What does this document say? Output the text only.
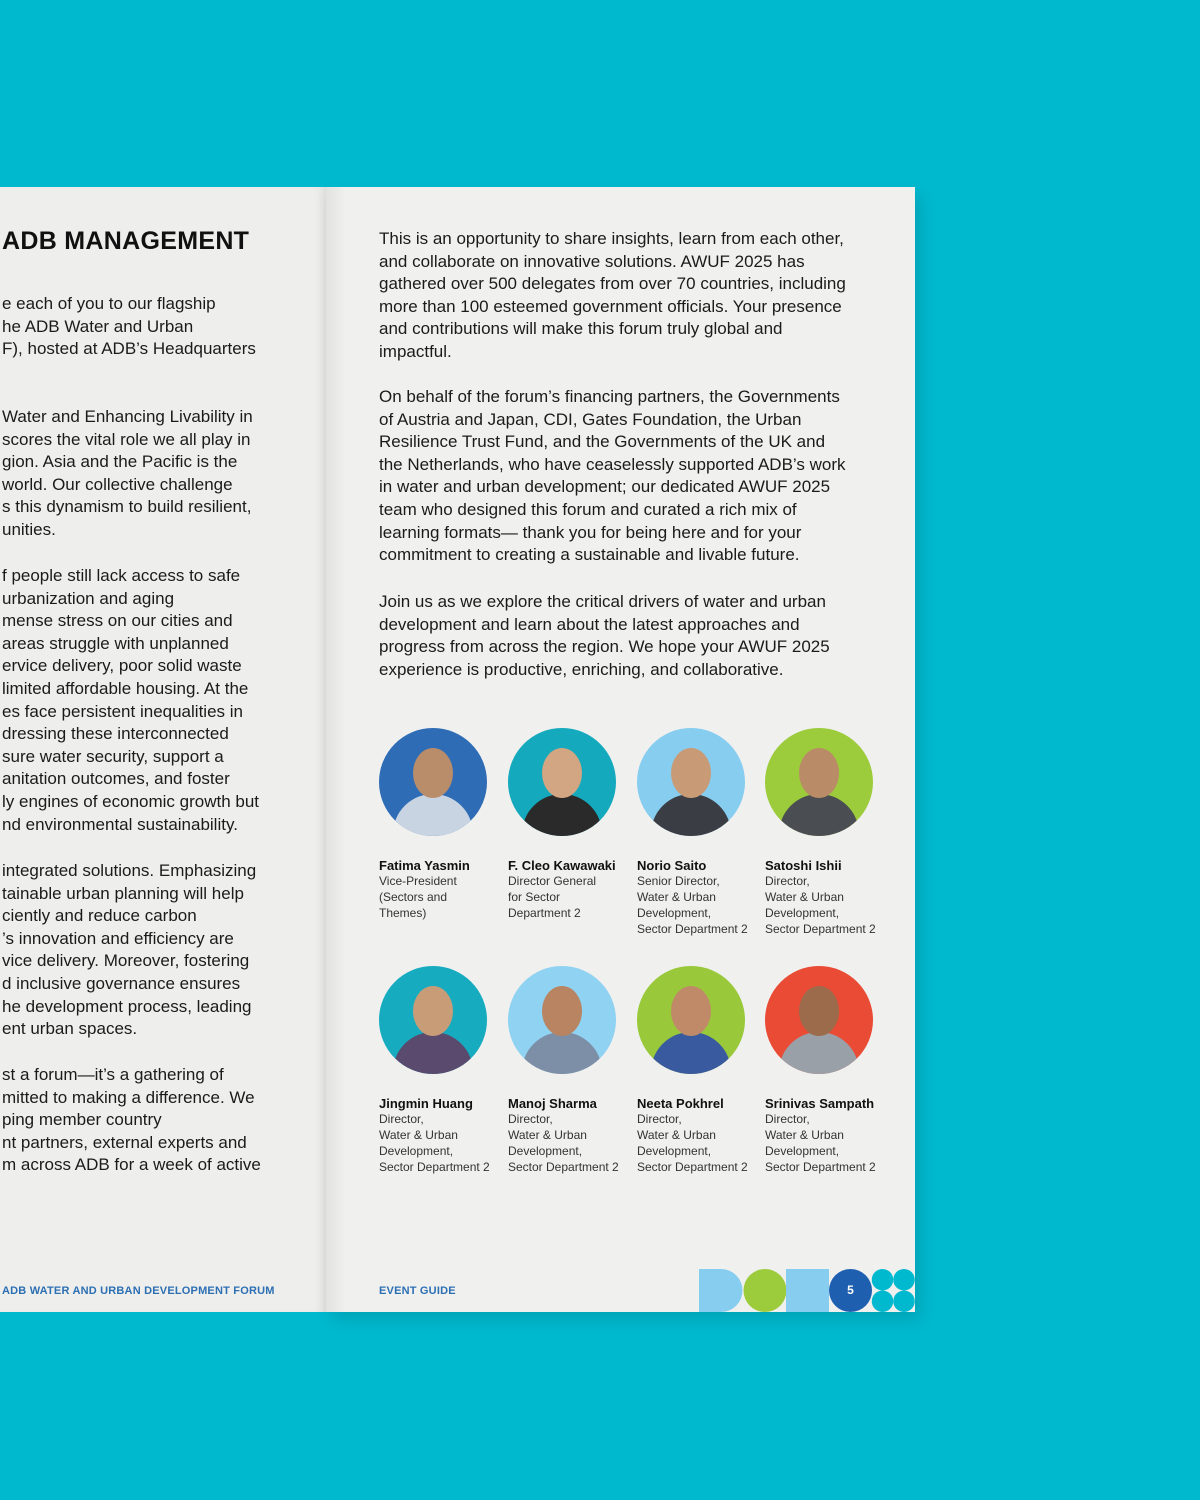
ADB MANAGEMENT
e each of you to our flagship
he ADB Water and Urban
F), hosted at ADB’s Headquarters
Water and Enhancing Livability in
scores the vital role we all play in
gion. Asia and the Pacific is the
world. Our collective challenge
s this dynamism to build resilient,
unities.
f people still lack access to safe
urbanization and aging
mense stress on our cities and
areas struggle with unplanned
ervice delivery, poor solid waste
limited affordable housing. At the
es face persistent inequalities in
dressing these interconnected
sure water security, support a
anitation outcomes, and foster
ly engines of economic growth but
nd environmental sustainability.
integrated solutions. Emphasizing
tainable urban planning will help
ciently and reduce carbon
’s innovation and efficiency are
vice delivery. Moreover, fostering
d inclusive governance ensures
he development process, leading
ent urban spaces.
st a forum—it’s a gathering of
mitted to making a difference. We
ping member country
nt partners, external experts and
m across ADB for a week of active
ADB WATER AND URBAN DEVELOPMENT FORUM
This is an opportunity to share insights, learn from each other,
and collaborate on innovative solutions. AWUF 2025 has
gathered over 500 delegates from over 70 countries, including
more than 100 esteemed government officials. Your presence
and contributions will make this forum truly global and
impactful.
On behalf of the forum’s financing partners, the Governments
of Austria and Japan, CDI, Gates Foundation, the Urban
Resilience Trust Fund, and the Governments of the UK and
the Netherlands, who have ceaselessly supported ADB’s work
in water and urban development; our dedicated AWUF 2025
team who designed this forum and curated a rich mix of
learning formats— thank you for being here and for your
commitment to creating a sustainable and livable future.
Join us as we explore the critical drivers of water and urban
development and learn about the latest approaches and
progress from across the region. We hope your AWUF 2025
experience is productive, enriching, and collaborative.
Fatima Yasmin
Vice-President
(Sectors and
Themes)
F. Cleo Kawawaki
Director General
for Sector
Department 2
Norio Saito
Senior Director,
Water & Urban
Development,
Sector Department 2
Satoshi Ishii
Director,
Water & Urban
Development,
Sector Department 2
Jingmin Huang
Director,
Water & Urban
Development,
Sector Department 2
Manoj Sharma
Director,
Water & Urban
Development,
Sector Department 2
Neeta Pokhrel
Director,
Water & Urban
Development,
Sector Department 2
Srinivas Sampath
Director,
Water & Urban
Development,
Sector Department 2
EVENT GUIDE	5
